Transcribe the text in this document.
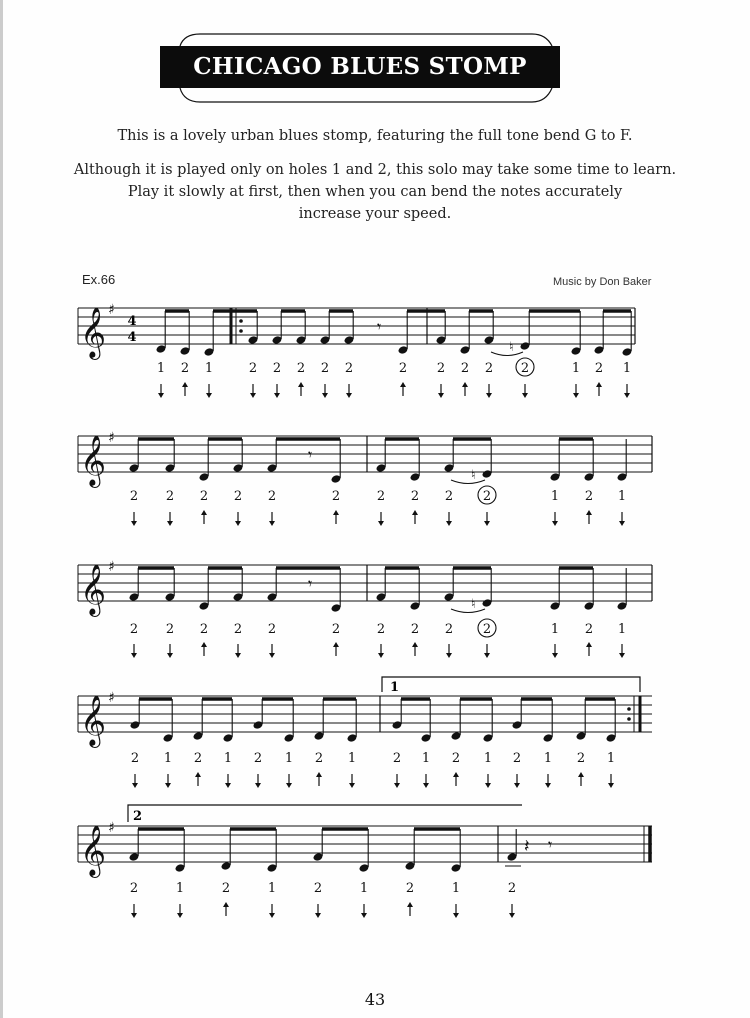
CHICAGO BLUES STOMP
This is a lovely urban blues stomp, featuring the full tone bend G to F.
Although it is played only on holes 1 and 2, this solo may take some time to learn.
Play it slowly at first, then when you can bend the notes accurately
increase your speed.
Ex.66	Music by Don Baker
4
4
1
2
𝄞 ♯
𝄾
1 2 1	2 2 2 2 2	2 2 2 2 2	1 2 1
♮
𝄞 ♯
𝄾
2 2 2 2 2	2	2 2 2 2	1 2 1
♮
𝄞 ♯
𝄾
2 2 2 2 2	2	2 2 2 2	1 2 1
♮
𝄞 ♯
2 1 2 1 2 1 2 1	2 1 2 1 2 1 2 1
𝄞 ♯
𝄾
𝄽
2	1	2	1	2	1	2	1	2
43
